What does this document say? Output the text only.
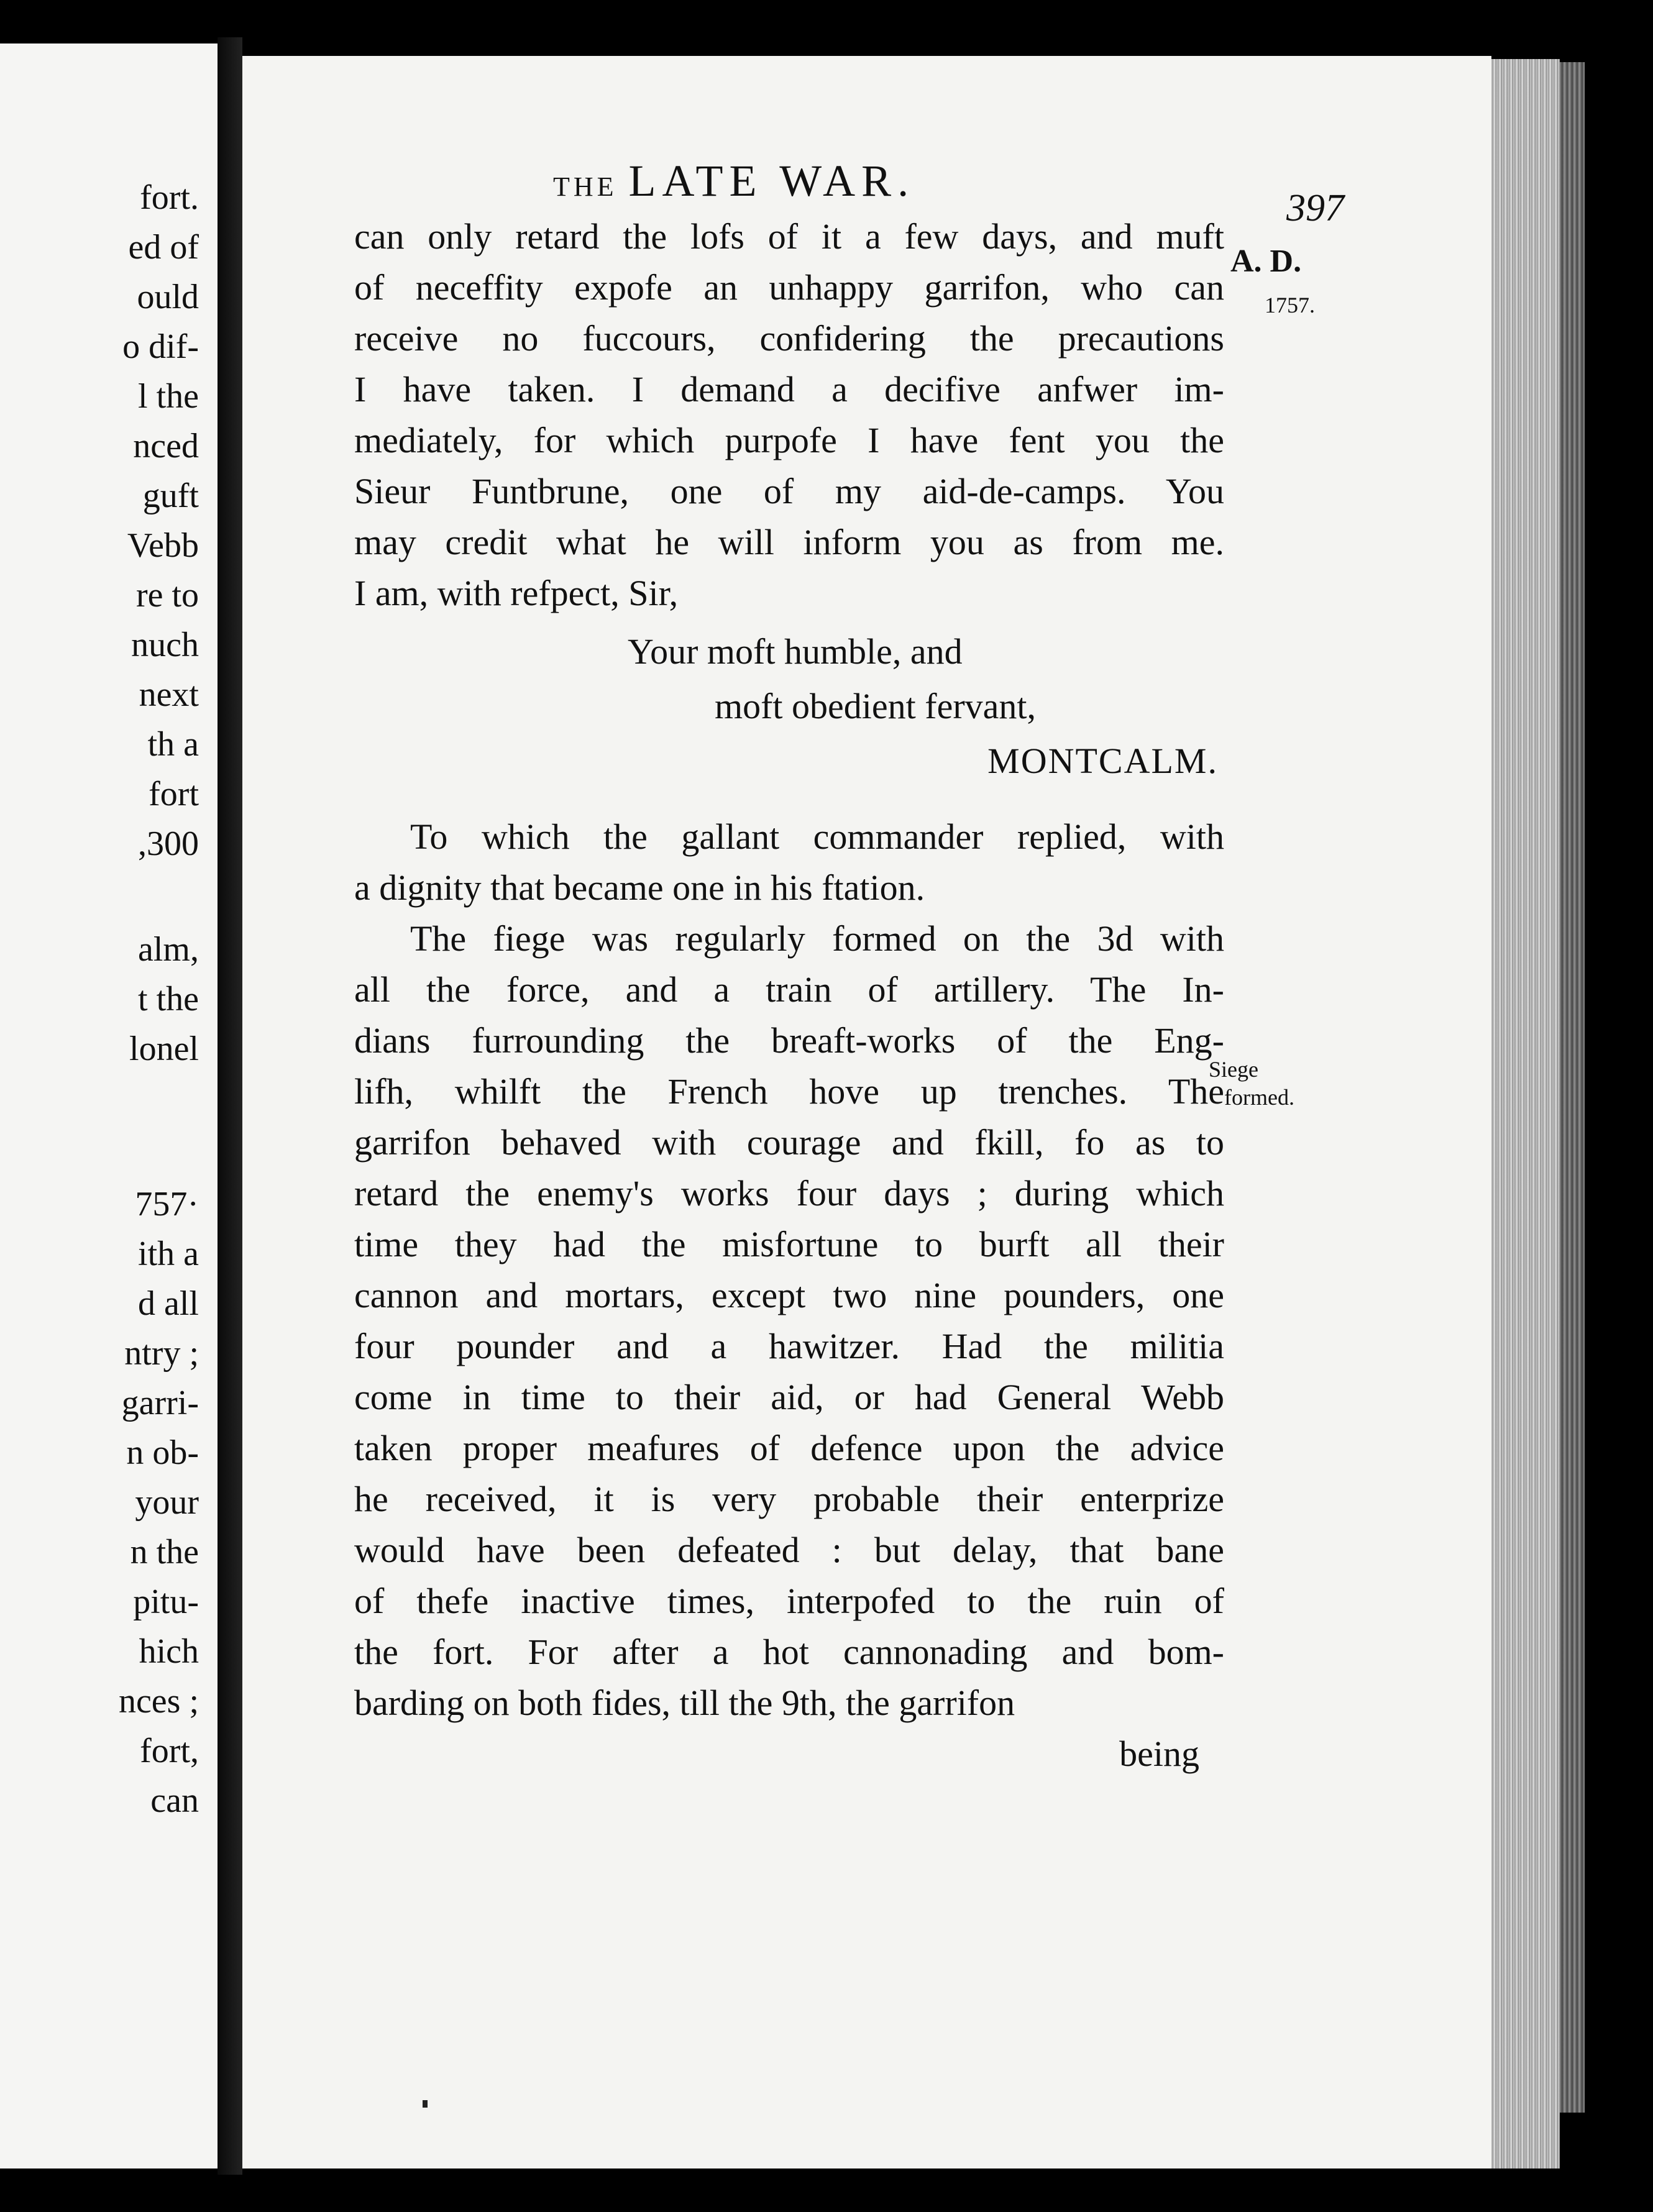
fort.
ed of
ould
o dif-
l the
nced
guft
Vebb
re to
nuch
next
th a
fort
,300
alm,
t the
lonel
757·
ith a
d all
ntry ;
garri-
n ob-
your
n the
pitu-
hich
nces ;
fort,
can
THE LATE WAR.
397
A. D.
1757.
Siege
formed.
can only retard the lofs of it a few days, and muft
of neceffity expofe an unhappy garrifon, who can
receive no fuccours, confidering the precautions
I have taken. I demand a decifive anfwer im-
mediately, for which purpofe I have fent you the
Sieur Funtbrune, one of my aid-de-camps. You
may credit what he will inform you as from me.
I am, with refpect, Sir,
Your moft humble, and
moft obedient fervant,
MONTCALM.
To which the gallant commander replied, with
a dignity that became one in his ftation.
The fiege was regularly formed on the 3d with
all the force, and a train of artillery. The In-
dians furrounding the breaft-works of the Eng-
lifh, whilft the French hove up trenches. The
garrifon behaved with courage and fkill, fo as to
retard the enemy's works four days ; during which
time they had the misfortune to burft all their
cannon and mortars, except two nine pounders, one
four pounder and a hawitzer. Had the militia
come in time to their aid, or had General Webb
taken proper meafures of defence upon the advice
he received, it is very probable their enterprize
would have been defeated : but delay, that bane
of thefe inactive times, interpofed to the ruin of
the fort. For after a hot cannonading and bom-
barding on both fides, till the 9th, the garrifon
being
